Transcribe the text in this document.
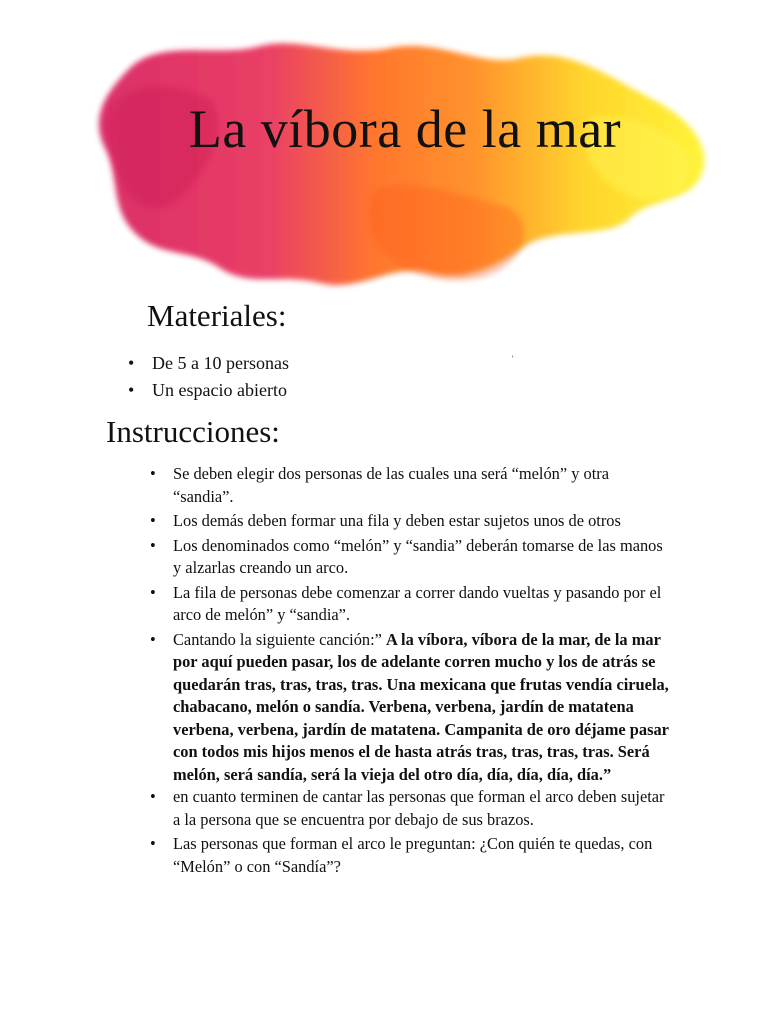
La víbora de la mar
Materiales:
• De 5 a 10 personas
• Un espacio abierto
ʼ
Instrucciones:
• Se deben elegir dos personas de las cuales una será “melón” y otra “sandia”.
• Los demás deben formar una fila y deben estar sujetos unos de otros
• Los denominados como “melón” y “sandia” deberán tomarse de las manos y alzarlas creando un arco.
• La fila de personas debe comenzar a correr dando vueltas y pasando por el arco de melón” y “sandia”.
• Cantando la siguiente canción:” A la víbora, víbora de la mar, de la mar por aquí pueden pasar, los de adelante corren mucho y los de atrás se quedarán tras, tras, tras, tras. Una mexicana que frutas vendía ciruela, chabacano, melón o sandía. Verbena, verbena, jardín de matatena verbena, verbena, jardín de matatena. Campanita de oro déjame pasar con todos mis hijos menos el de hasta atrás tras, tras, tras, tras. Será melón, será sandía, será la vieja del otro día, día, día, día, día.”
• en cuanto terminen de cantar las personas que forman el arco deben sujetar a la persona que se encuentra por debajo de sus brazos.
• Las personas que forman el arco le preguntan: ¿Con quién te quedas, con “Melón” o con “Sandía”?
